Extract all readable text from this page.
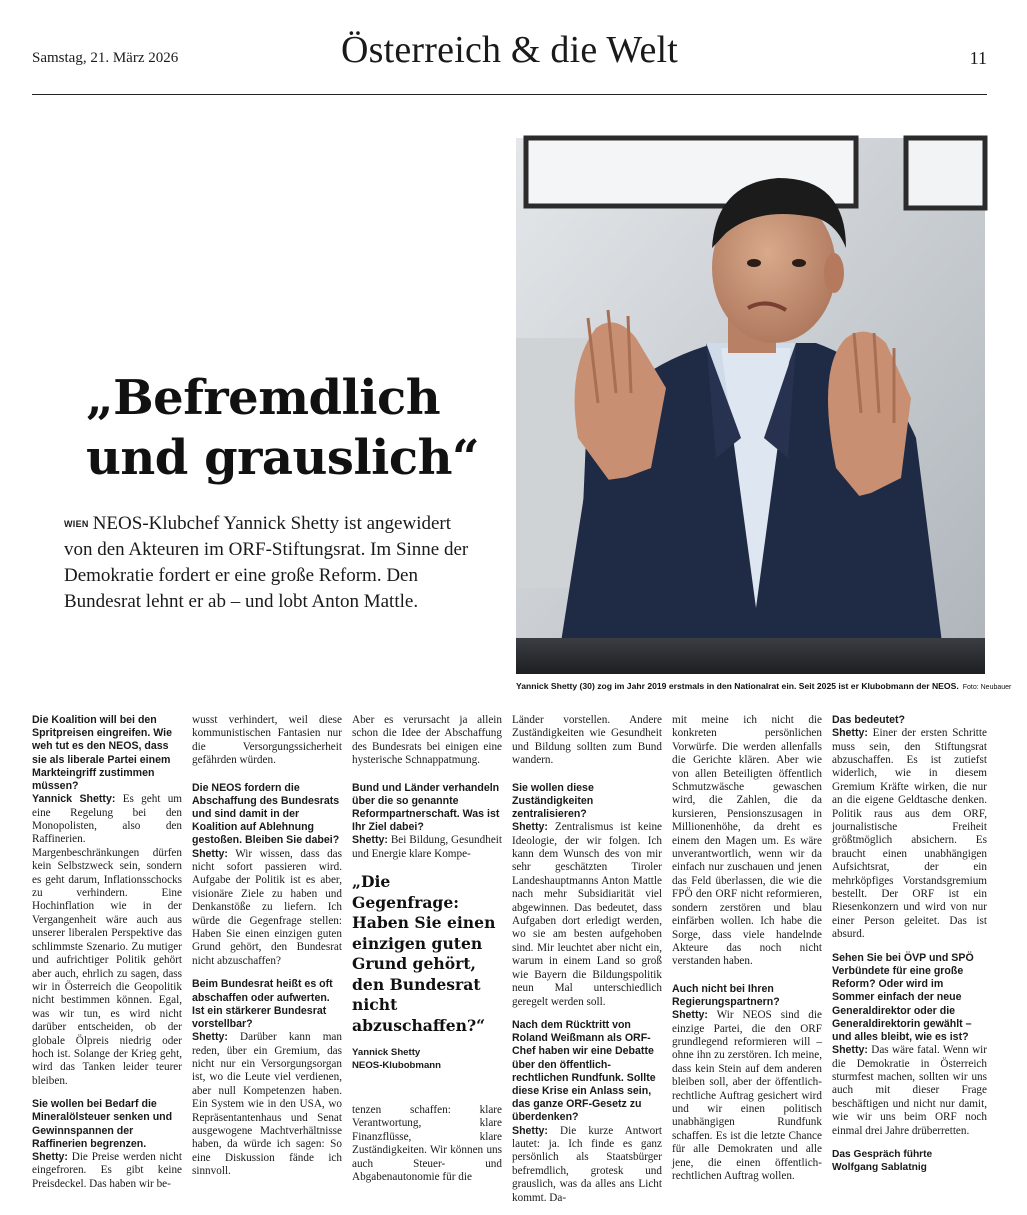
Samstag, 21. März 2026	Österreich & die Welt	11
„Befremdlich
und grauslich“
WIEN NEOS-Klubchef Yannick Shetty ist angewidert von den Akteuren im ORF-Stiftungsrat. Im Sinne der Demokratie fordert er eine große Reform. Den Bundesrat lehnt er ab – und lobt Anton Mattle.
Yannick Shetty (30) zog im Jahr 2019 erstmals in den Nationalrat ein. Seit 2025 ist er Klubobmann der NEOS. Foto: Neubauer

Die Koalition will bei den Spritpreisen eingreifen. Wie weh tut es den NEOS, dass sie als liberale Partei einem Markteingriff zustimmen müssen?
Yannick Shetty: Es geht um eine Regelung bei den Monopolisten, also den Raffinerien. Margenbeschränkungen dürfen kein Selbstzweck sein, sondern es geht darum, Inflationsschocks zu verhindern. Eine Hochinflation wie in der Vergangenheit wäre auch aus unserer liberalen Perspektive das schlimmste Szenario. Zu mutiger und aufrichtiger Politik gehört aber auch, ehrlich zu sagen, dass wir in Österreich die Geopolitik nicht bestimmen können. Egal, was wir tun, es wird nicht darüber entscheiden, ob der globale Ölpreis niedrig oder hoch ist. Solange der Krieg geht, wird das Tanken leider teurer bleiben.

Sie wollen bei Bedarf die Mineralölsteuer senken und Gewinnspannen der Raffinerien begrenzen.
Shetty: Die Preise werden nicht eingefroren. Es gibt keine Preisdeckel. Das haben wir be-

wusst verhindert, weil diese kommunistischen Fantasien nur die Versorgungssicherheit gefährden würden.

Die NEOS fordern die Abschaffung des Bundesrats und sind damit in der Koalition auf Ablehnung gestoßen. Bleiben Sie dabei?
Shetty: Wir wissen, dass das nicht sofort passieren wird. Aufgabe der Politik ist es aber, visionäre Ziele zu haben und Denkanstöße zu liefern. Ich würde die Gegenfrage stellen: Haben Sie einen einzigen guten Grund gehört, den Bundesrat nicht abzuschaffen?

Beim Bundesrat heißt es oft abschaffen oder aufwerten. Ist ein stärkerer Bundesrat vorstellbar?
Shetty: Darüber kann man reden, über ein Gremium, das nicht nur ein Versorgungsorgan ist, wo die Leute viel verdienen, aber null Kompetenzen haben. Ein System wie in den USA, wo Repräsentantenhaus und Senat ausgewogene Machtverhältnisse haben, da würde ich sagen: So eine Diskussion fände ich sinnvoll.

Aber es verursacht ja allein schon die Idee der Abschaffung des Bundesrats bei einigen eine hysterische Schnappatmung.

Bund und Länder verhandeln über die so genannte Reformpartnerschaft. Was ist Ihr Ziel dabei?
Shetty: Bei Bildung, Gesundheit und Energie klare Kompe-

„Die Gegenfrage: Haben Sie einen einzigen guten Grund gehört, den Bundesrat nicht abzuschaffen?“
Yannick Shetty
NEOS-Klubobmann

tenzen schaffen: klare Verantwortung, klare Finanzflüsse, klare Zuständigkeiten. Wir können uns auch Steuer- und Abgabenautonomie für die

Länder vorstellen. Andere Zuständigkeiten wie Gesundheit und Bildung sollten zum Bund wandern.

Sie wollen diese Zuständigkeiten zentralisieren?
Shetty: Zentralismus ist keine Ideologie, der wir folgen. Ich kann dem Wunsch des von mir sehr geschätzten Tiroler Landeshauptmanns Anton Mattle nach mehr Subsidiarität viel abgewinnen. Das bedeutet, dass Aufgaben dort erledigt werden, wo sie am besten aufgehoben sind. Mir leuchtet aber nicht ein, warum in einem Land so groß wie Bayern die Bildungspolitik neun Mal unterschiedlich geregelt werden soll.

Nach dem Rücktritt von Roland Weißmann als ORF-Chef haben wir eine Debatte über den öffentlich-rechtlichen Rundfunk. Sollte diese Krise ein Anlass sein, das ganze ORF-Gesetz zu überdenken?
Shetty: Die kurze Antwort lautet: ja. Ich finde es ganz persönlich als Staatsbürger befremdlich, grotesk und grauslich, was da alles ans Licht kommt. Da-

mit meine ich nicht die konkreten persönlichen Vorwürfe. Die werden allenfalls die Gerichte klären. Aber wie von allen Beteiligten öffentlich Schmutzwäsche gewaschen wird, die Zahlen, die da kursieren, Pensionszusagen in Millionenhöhe, da dreht es einem den Magen um. Es wäre unverantwortlich, wenn wir da einfach nur zuschauen und jenen das Feld überlassen, die wie die FPÖ den ORF nicht reformieren, sondern zerstören und blau einfärben wollen. Ich habe die Sorge, dass viele handelnde Akteure das noch nicht verstanden haben.

Auch nicht bei Ihren Regierungspartnern?
Shetty: Wir NEOS sind die einzige Partei, die den ORF grundlegend reformieren will – ohne ihn zu zerstören. Ich meine, dass kein Stein auf dem anderen bleiben soll, aber der öffentlich-rechtliche Auftrag gesichert wird und wir einen politisch unabhängigen Rundfunk schaffen. Es ist die letzte Chance für alle Demokraten und alle jene, die einen öffentlich-rechtlichen Auftrag wollen.

Das bedeutet?
Shetty: Einer der ersten Schritte muss sein, den Stiftungsrat abzuschaffen. Es ist zutiefst widerlich, wie in diesem Gremium Kräfte wirken, die nur an die eigene Geldtasche denken. Politik raus aus dem ORF, journalistische Freiheit größtmöglich absichern. Es braucht einen unabhängigen Aufsichtsrat, der ein mehrköpfiges Vorstandsgremium bestellt. Der ORF ist ein Riesenkonzern und wird von nur einer Person geleitet. Das ist absurd.

Sehen Sie bei ÖVP und SPÖ Verbündete für eine große Reform? Oder wird im Sommer einfach der neue Generaldirektor oder die Generaldirektorin gewählt – und alles bleibt, wie es ist?
Shetty: Das wäre fatal. Wenn wir die Demokratie in Österreich sturmfest machen, sollten wir uns auch mit dieser Frage beschäftigen und nicht nur damit, wie wir uns beim ORF noch einmal drei Jahre drüberretten.

Das Gespräch führte
Wolfgang Sablatnig
